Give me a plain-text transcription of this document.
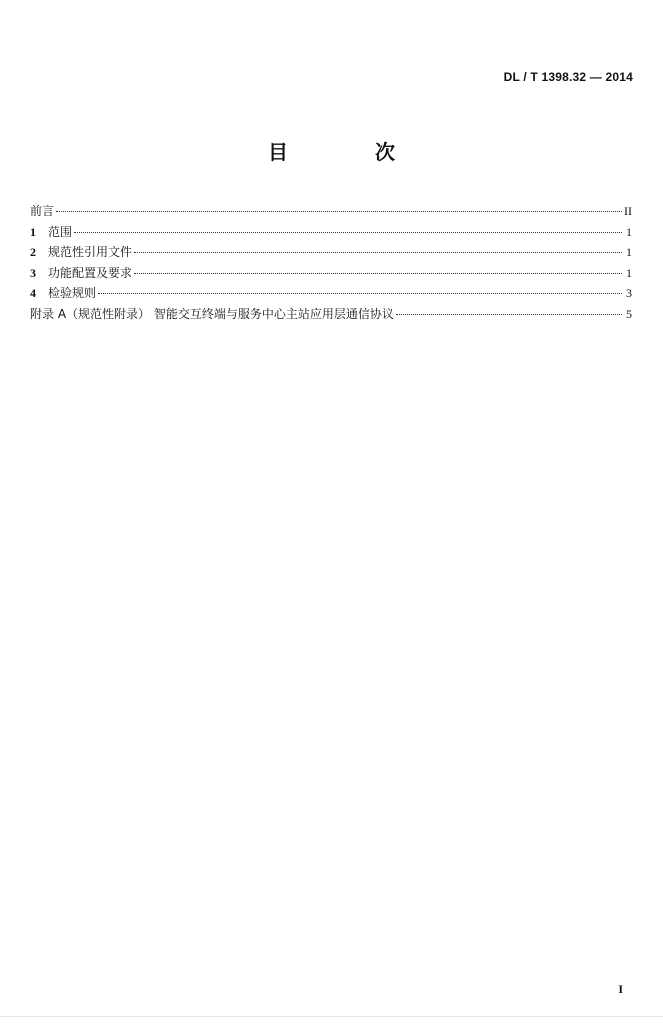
DL / T 1398.32 — 2014
目 次
前言	II
1 范围	1
2 规范性引用文件	1
3 功能配置及要求	1
4 检验规则	3
附录 A（规范性附录） 智能交互终端与服务中心主站应用层通信协议	5
I
